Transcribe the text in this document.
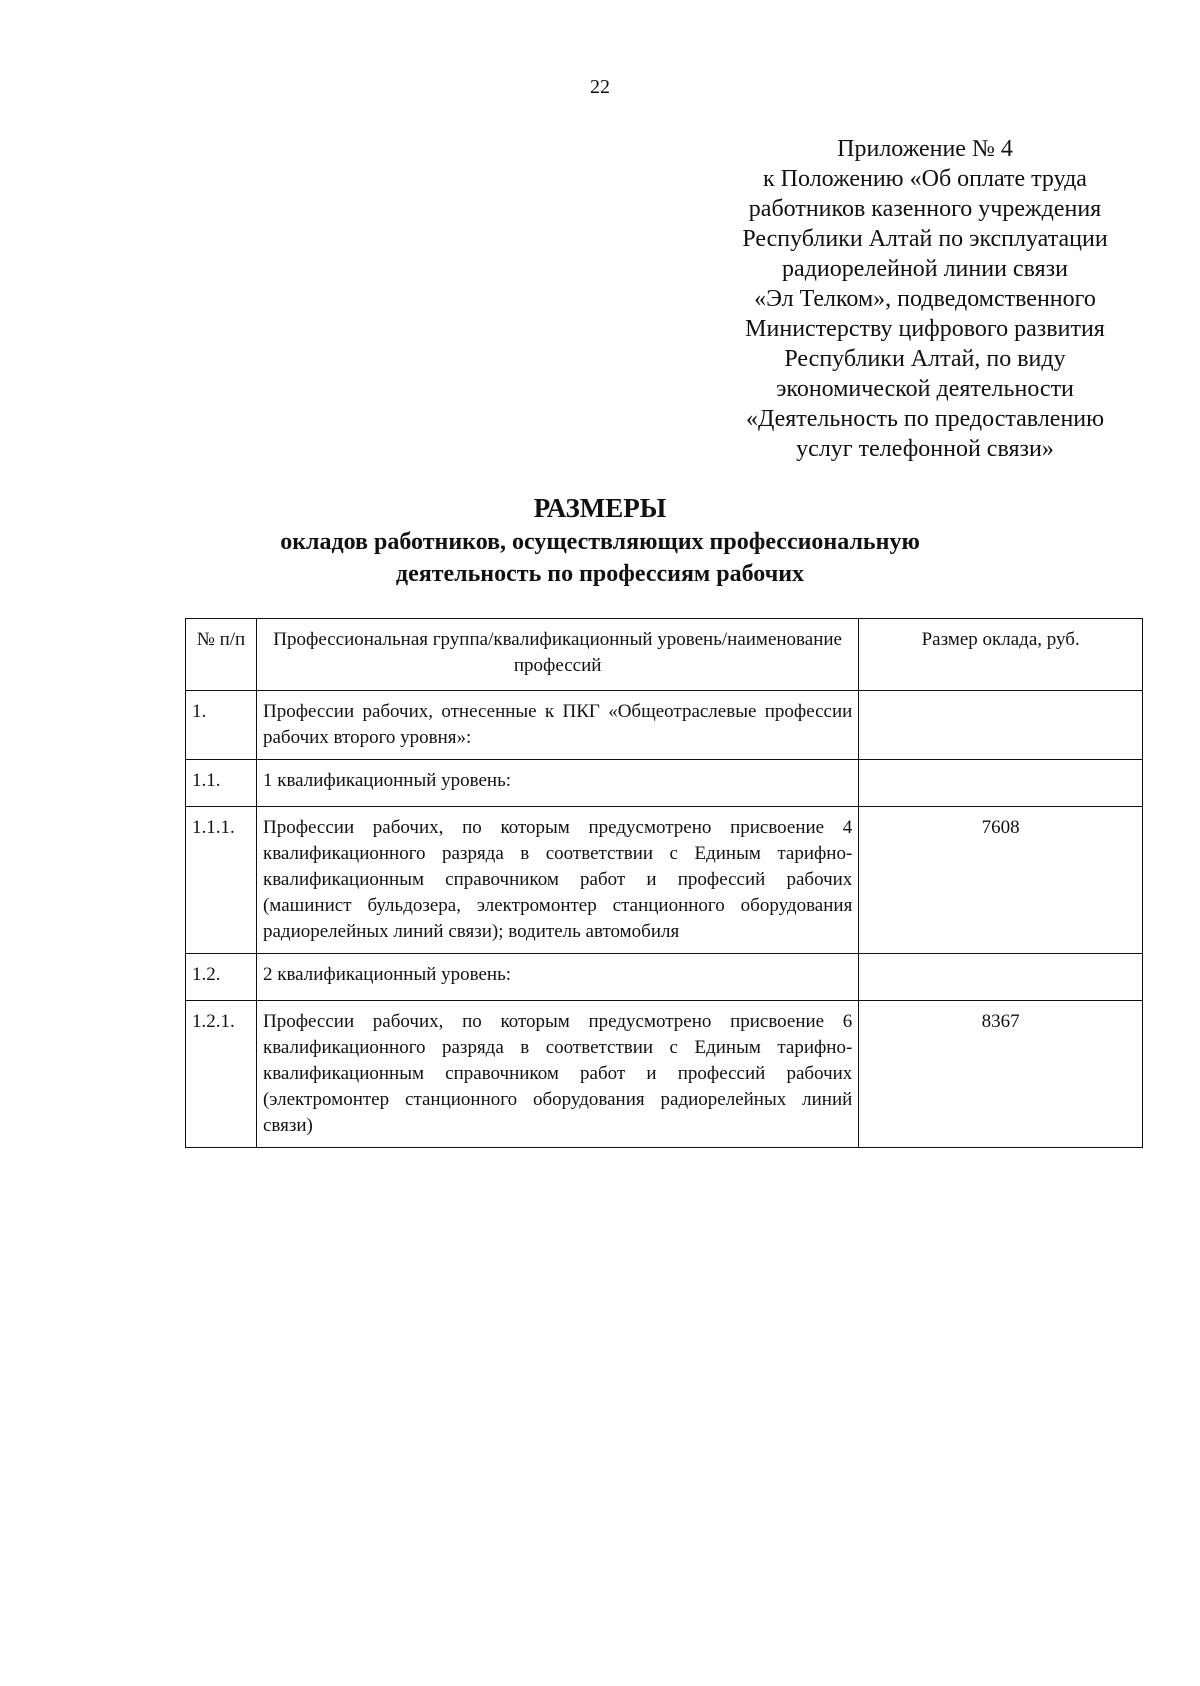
22
Приложение № 4
к Положению «Об оплате труда
работников казенного учреждения
Республики Алтай по эксплуатации
радиорелейной линии связи
«Эл Телком», подведомственного
Министерству цифрового развития
Республики Алтай, по виду
экономической деятельности
«Деятельность по предоставлению
услуг телефонной связи»
РАЗМЕРЫ
окладов работников, осуществляющих профессиональную
деятельность по профессиям рабочих
№ п/п	Профессиональная группа/квалификационный уровень/наименование профессий	Размер оклада, руб.
1.	Профессии рабочих, отнесенные к ПКГ «Общеотраслевые профессии рабочих второго уровня»:	
1.1.	1 квалификационный уровень:	
1.1.1.	Профессии рабочих, по которым предусмотрено присвоение 4 квалификационного разряда в соответствии с Единым тарифно-квалификационным справочником работ и профессий рабочих (машинист бульдозера, электромонтер станционного оборудования радиорелейных линий связи); водитель автомобиля	7608
1.2.	2 квалификационный уровень:	
1.2.1.	Профессии рабочих, по которым предусмотрено присвоение 6 квалификационного разряда в соответствии с Единым тарифно-квалификационным справочником работ и профессий рабочих (электромонтер станционного оборудования радиорелейных линий связи)	8367
